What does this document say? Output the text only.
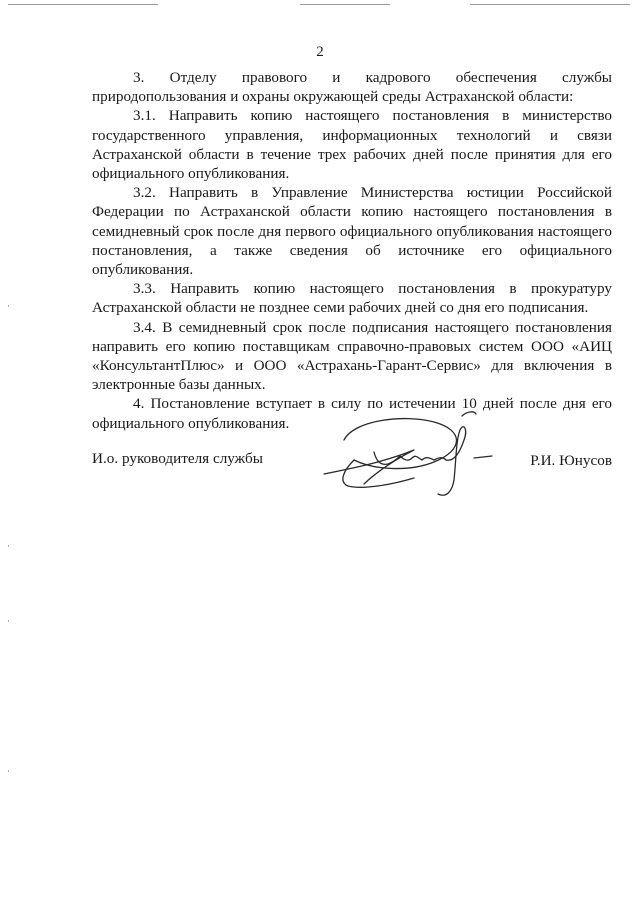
2

3. Отделу правового и кадрового обеспечения службы природопользования и охраны окружающей среды Астраханской области:

3.1. Направить копию настоящего постановления в министерство государственного управления, информационных технологий и связи Астраханской области в течение трех рабочих дней после принятия для его официального опубликования.

3.2. Направить в Управление Министерства юстиции Российской Федерации по Астраханской области копию настоящего постановления в семидневный срок после дня первого официального опубликования настоящего постановления, а также сведения об источнике его официального опубликования.

3.3. Направить копию настоящего постановления в прокуратуру Астраханской области не позднее семи рабочих дней со дня его подписания.

3.4. В семидневный срок после подписания настоящего постановления направить его копию поставщикам справочно-правовых систем ООО «АИЦ «КонсультантПлюс» и ООО «Астрахань-Гарант-Сервис» для включения в электронные базы данных.

4. Постановление вступает в силу по истечении 10 дней после дня его официального опубликования.

И.о. руководителя службы	Р.И. Юнусов
